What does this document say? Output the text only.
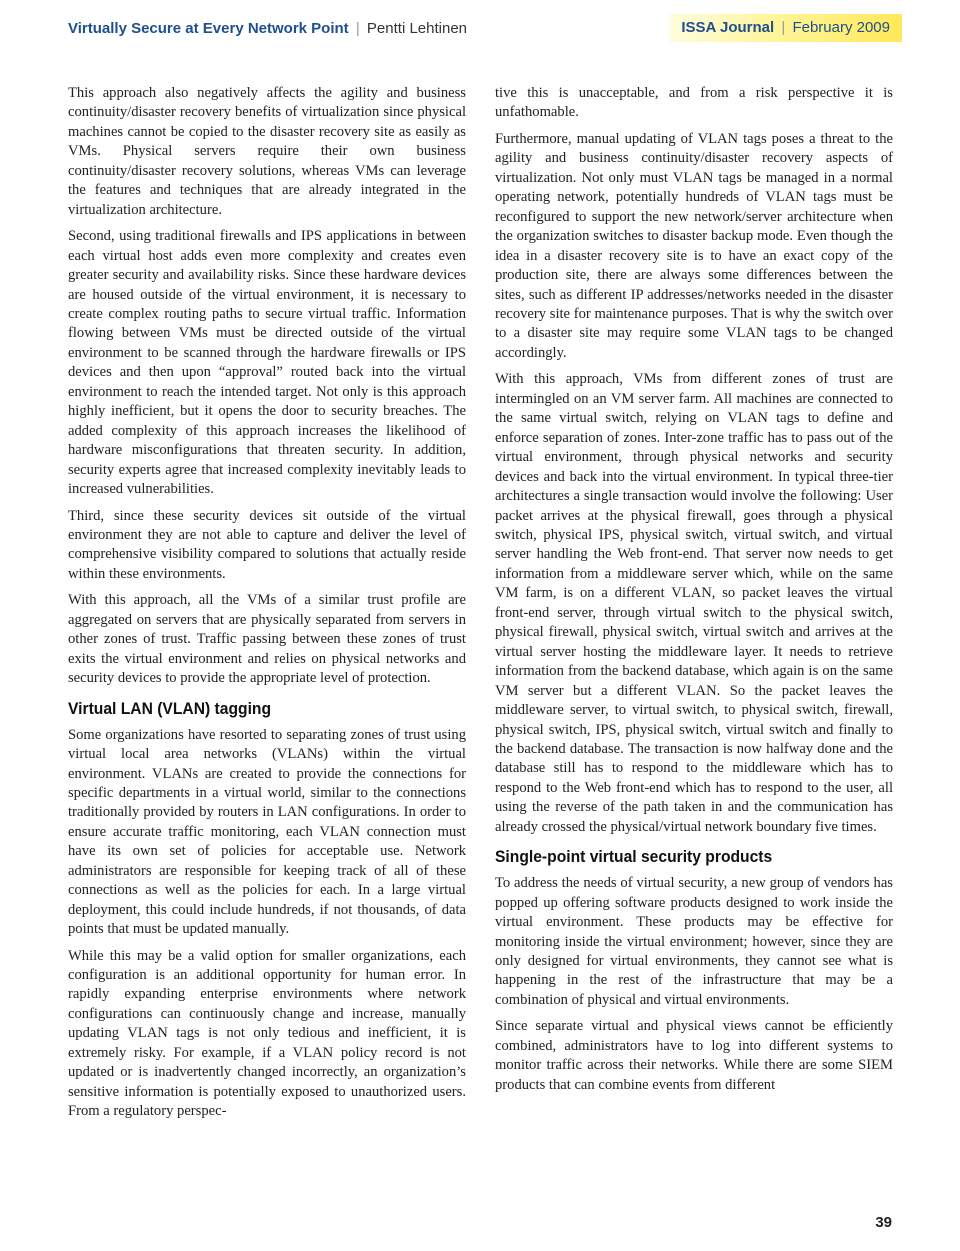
Virtually Secure at Every Network Point | Pentti Lehtinen	ISSA Journal | February 2009

This approach also negatively affects the agility and business continuity/disaster recovery benefits of virtualization since physical machines cannot be copied to the disaster recovery site as easily as VMs. Physical servers require their own business continuity/disaster recovery solutions, whereas VMs can leverage the features and techniques that are already integrated in the virtualization architecture.

Second, using traditional firewalls and IPS applications in between each virtual host adds even more complexity and creates even greater security and availability risks. Since these hardware devices are housed outside of the virtual environment, it is necessary to create complex routing paths to secure virtual traffic. Information flowing between VMs must be directed outside of the virtual environment to be scanned through the hardware firewalls or IPS devices and then upon “approval” routed back into the virtual environment to reach the intended target. Not only is this approach highly inefficient, but it opens the door to security breaches. The added complexity of this approach increases the likelihood of hardware misconfigurations that threaten security. In addition, security experts agree that increased complexity inevitably leads to increased vulnerabilities.

Third, since these security devices sit outside of the virtual environment they are not able to capture and deliver the level of comprehensive visibility compared to solutions that actually reside within these environments.

With this approach, all the VMs of a similar trust profile are aggregated on servers that are physically separated from servers in other zones of trust. Traffic passing between these zones of trust exits the virtual environment and relies on physical networks and security devices to provide the appropriate level of protection.

Virtual LAN (VLAN) tagging

Some organizations have resorted to separating zones of trust using virtual local area networks (VLANs) within the virtual environment. VLANs are created to provide the connections for specific departments in a virtual world, similar to the connections traditionally provided by routers in LAN configurations. In order to ensure accurate traffic monitoring, each VLAN connection must have its own set of policies for acceptable use. Network administrators are responsible for keeping track of all of these connections as well as the policies for each. In a large virtual deployment, this could include hundreds, if not thousands, of data points that must be updated manually.

While this may be a valid option for smaller organizations, each configuration is an additional opportunity for human error. In rapidly expanding enterprise environments where network configurations can continuously change and increase, manually updating VLAN tags is not only tedious and inefficient, it is extremely risky. For example, if a VLAN policy record is not updated or is inadvertently changed incorrectly, an organization’s sensitive information is potentially exposed to unauthorized users. From a regulatory perspec-

tive this is unacceptable, and from a risk perspective it is unfathomable.

Furthermore, manual updating of VLAN tags poses a threat to the agility and business continuity/disaster recovery aspects of virtualization. Not only must VLAN tags be managed in a normal operating network, potentially hundreds of VLAN tags must be reconfigured to support the new network/server architecture when the organization switches to disaster backup mode. Even though the idea in a disaster recovery site is to have an exact copy of the production site, there are always some differences between the sites, such as different IP addresses/networks needed in the disaster recovery site for maintenance purposes. That is why the switch over to a disaster site may require some VLAN tags to be changed accordingly.

With this approach, VMs from different zones of trust are intermingled on an VM server farm. All machines are connected to the same virtual switch, relying on VLAN tags to define and enforce separation of zones. Inter-zone traffic has to pass out of the virtual environment, through physical networks and security devices and back into the virtual environment. In typical three-tier architectures a single transaction would involve the following: User packet arrives at the physical firewall, goes through a physical switch, physical IPS, physical switch, virtual switch, and virtual server handling the Web front-end. That server now needs to get information from a middleware server which, while on the same VM farm, is on a different VLAN, so packet leaves the virtual front-end server, through virtual switch to the physical switch, physical firewall, physical switch, virtual switch and arrives at the virtual server hosting the middleware layer. It needs to retrieve information from the backend database, which again is on the same VM server but a different VLAN. So the packet leaves the middleware server, to virtual switch, to physical switch, firewall, physical switch, IPS, physical switch, virtual switch and finally to the backend database. The transaction is now halfway done and the database still has to respond to the middleware which has to respond to the Web front-end which has to respond to the user, all using the reverse of the path taken in and the communication has already crossed the physical/virtual network boundary five times.

Single-point virtual security products

To address the needs of virtual security, a new group of vendors has popped up offering software products designed to work inside the virtual environment. These products may be effective for monitoring inside the virtual environment; however, since they are only designed for virtual environments, they cannot see what is happening in the rest of the infrastructure that may be a combination of physical and virtual environments.

Since separate virtual and physical views cannot be efficiently combined, administrators have to log into different systems to monitor traffic across their networks. While there are some SIEM products that can combine events from different

39
